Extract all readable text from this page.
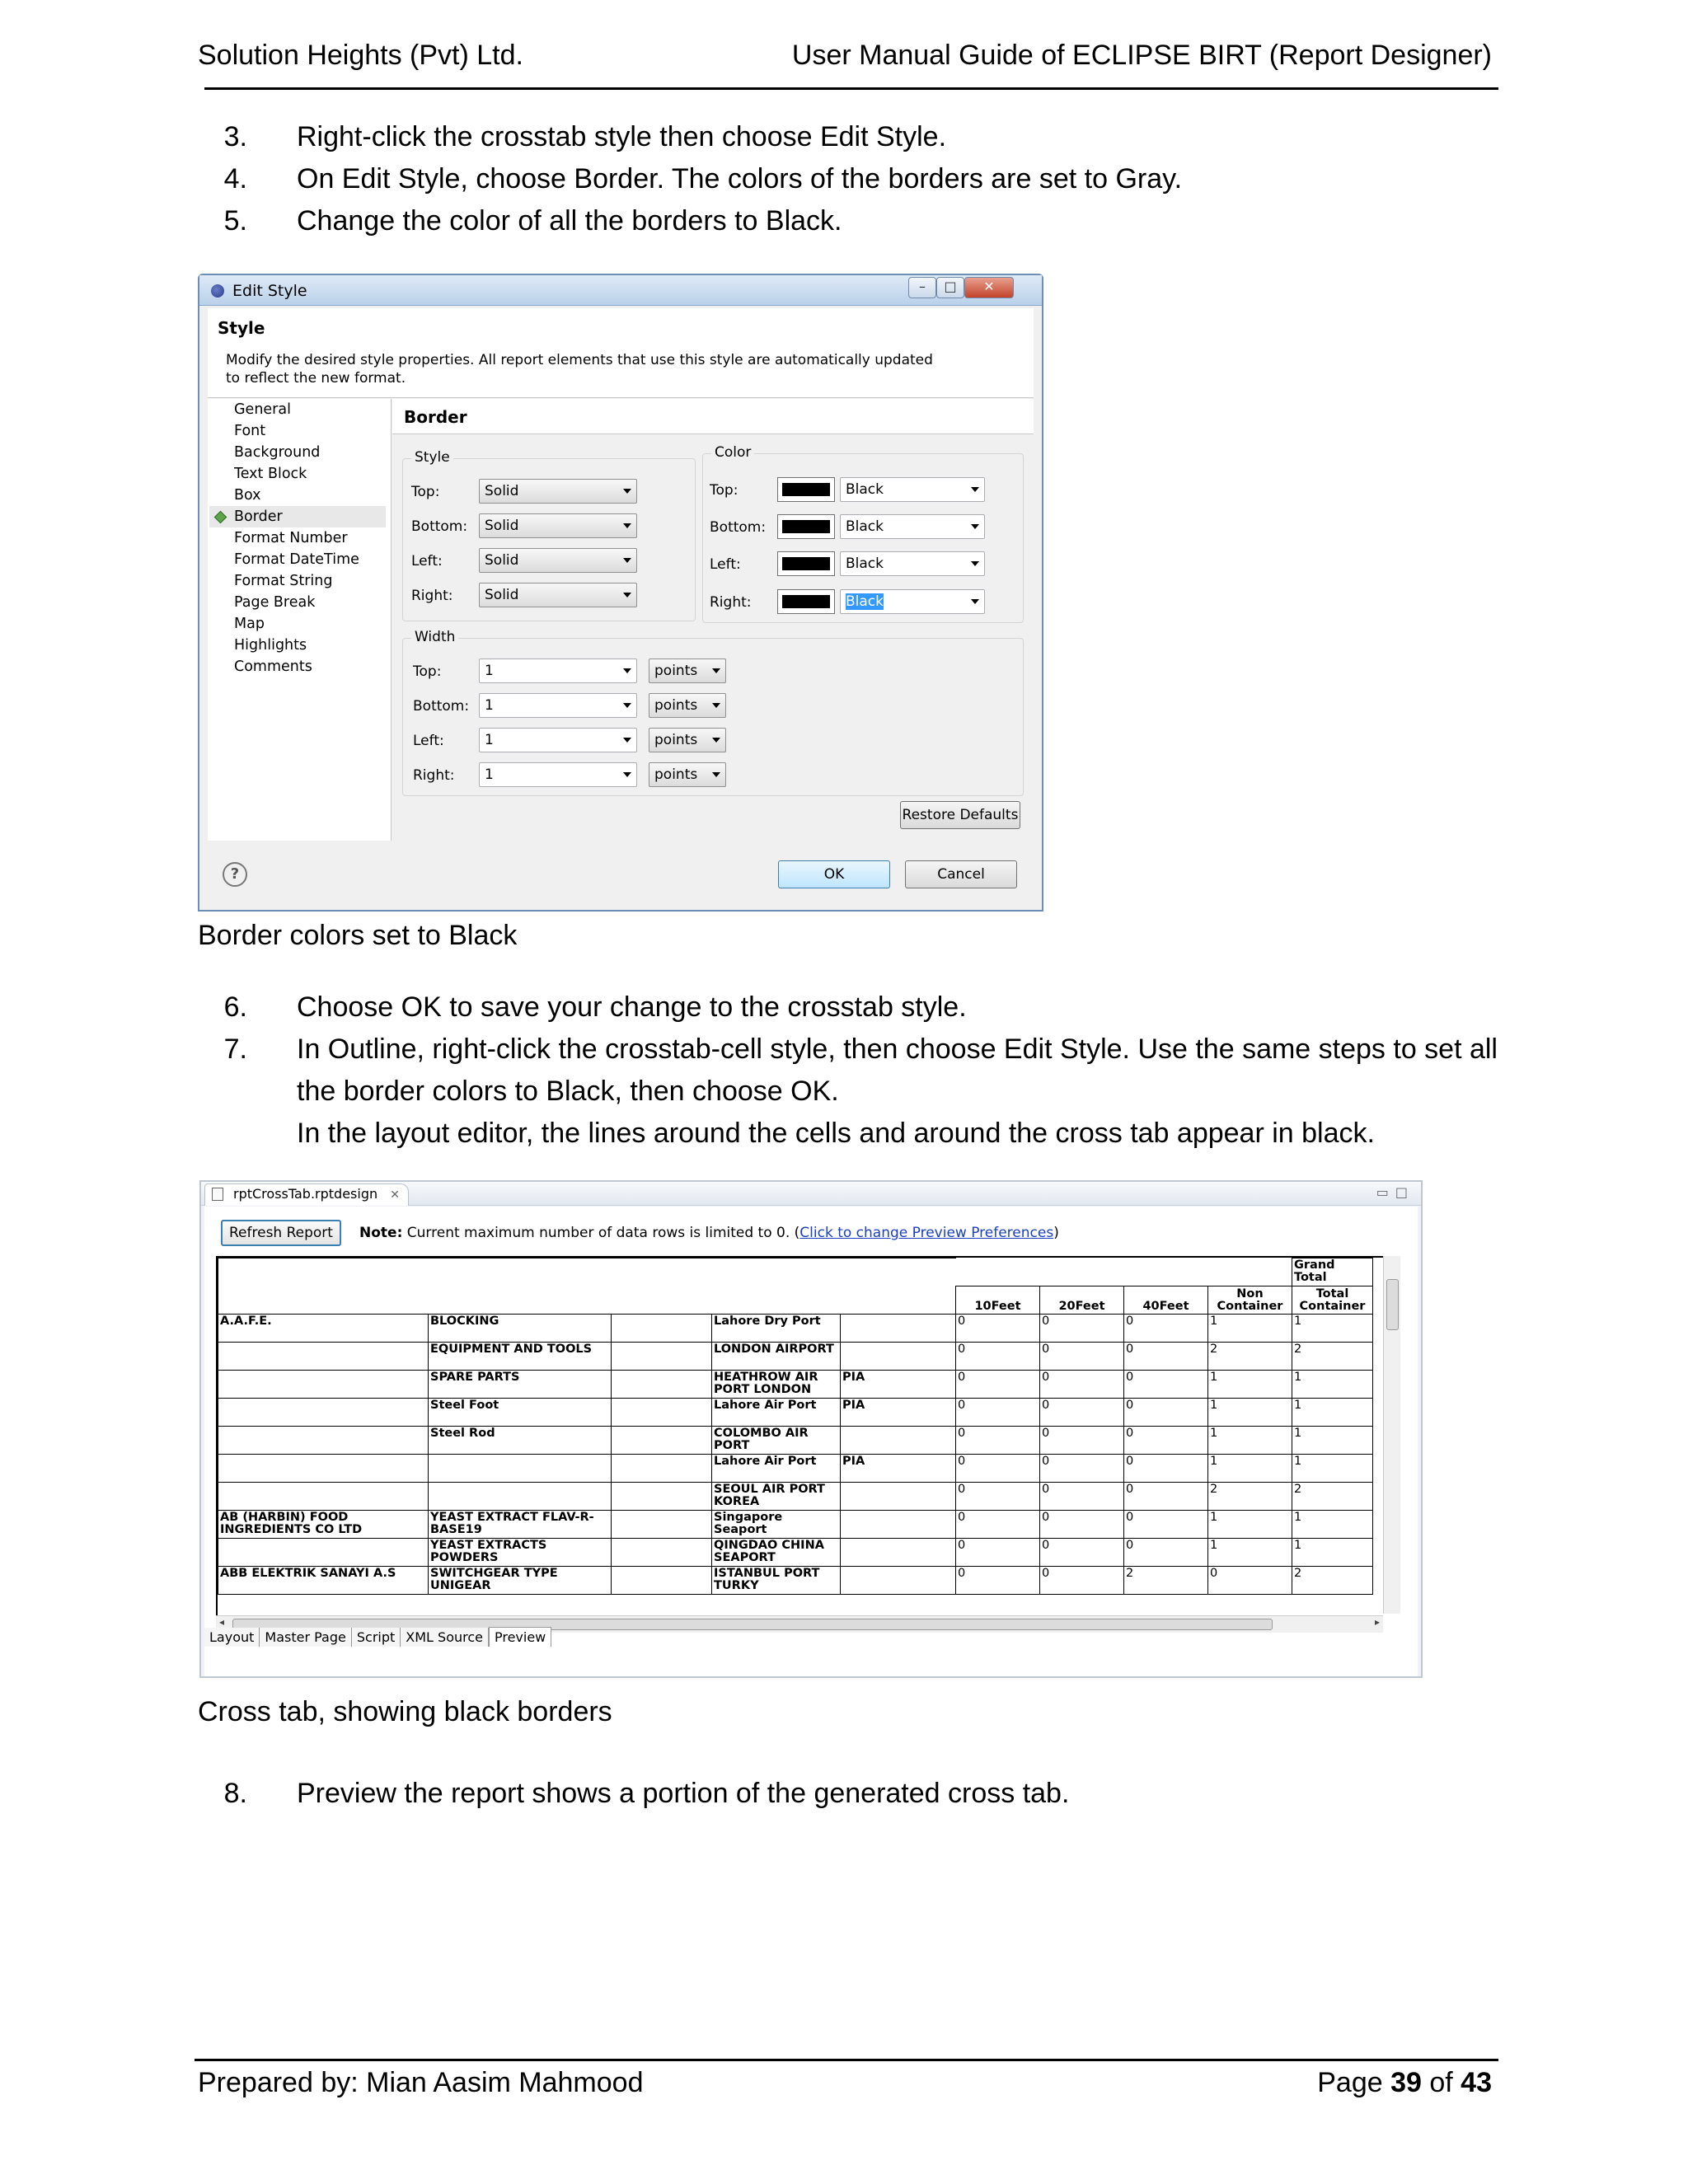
Solution Heights (Pvt) Ltd.	User Manual Guide of ECLIPSE BIRT (Report Designer)
3. Right-click the crosstab style then choose Edit Style.
4. On Edit Style, choose Border. The colors of the borders are set to Gray.
5. Change the color of all the borders to Black.
Edit Style	–	□	✕
Style
Modify the desired style properties. All report elements that use this style are automatically updated to reflect the new format.
General
Font
Background
Text Block
Box
Border
Format Number
Format DateTime
Format String
Page Break
Map
Highlights
Comments
Border
Style
Top:	Solid
Bottom:	Solid
Left:	Solid
Right:	Solid
Color
Top:	Black
Bottom:	Black
Left:	Black
Right:	Black
Width
Top:	1	points
Bottom:	1	points
Left:	1	points
Right:	1	points
Restore Defaults
?	OK	Cancel
Border colors set to Black
6. Choose OK to save your change to the crosstab style.
7. In Outline, right-click the crosstab-cell style, then choose Edit Style. Use the same steps to set all
the border colors to Black, then choose OK.
In the layout editor, the lines around the cells and around the cross tab appear in black.
rptCrossTab.rptdesign ✕	▭□
Refresh Report	Note: Current maximum number of data rows is limited to 0. (Click to change Preview Preferences)
									Grand Total
					10Feet	20Feet	40Feet	Non Container	Total Container
A.A.F.E.	BLOCKING		Lahore Dry Port		0	0	0	1	1
	EQUIPMENT AND TOOLS		LONDON AIRPORT		0	0	0	2	2
	SPARE PARTS		HEATHROW AIR PORT LONDON	PIA	0	0	0	1	1
	Steel Foot		Lahore Air Port	PIA	0	0	0	1	1
	Steel Rod		COLOMBO AIR PORT		0	0	0	1	1
			Lahore Air Port	PIA	0	0	0	1	1
			SEOUL AIR PORT KOREA		0	0	0	2	2
AB (HARBIN) FOOD INGREDIENTS CO LTD	YEAST EXTRACT FLAV-R-BASE19		Singapore Seaport		0	0	0	1	1
	YEAST EXTRACTS POWDERS		QINGDAO CHINA SEAPORT		0	0	0	1	1
ABB ELEKTRIK SANAYI A.S	SWITCHGEAR TYPE UNIGEAR		ISTANBUL PORT TURKY		0	0	2	0	2
◂	▸
Layout Master Page Script XML Source Preview
Cross tab, showing black borders
8. Preview the report shows a portion of the generated cross tab.
Prepared by: Mian Aasim Mahmood	Page 39 of 43
